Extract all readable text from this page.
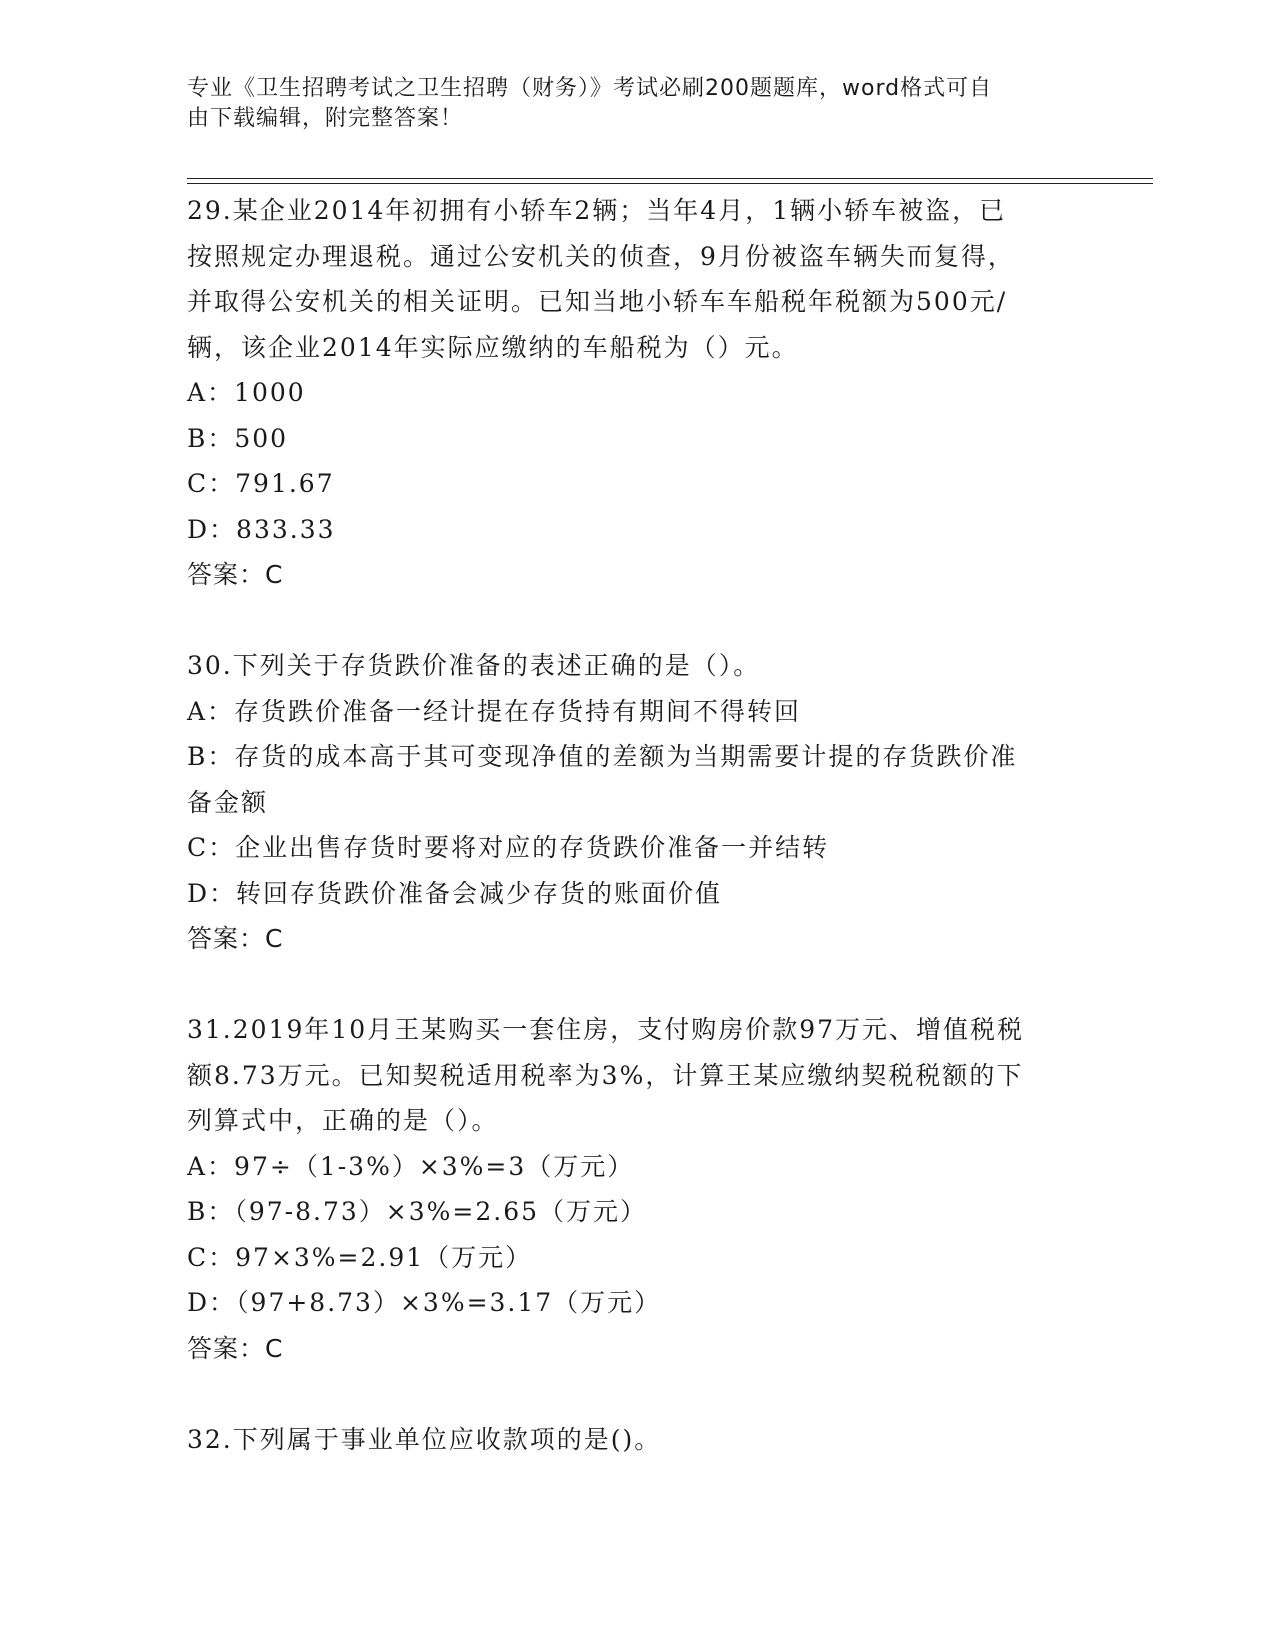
专业《卫生招聘考试之卫生招聘（财务）》考试必刷200题题库，word格式可自
由下载编辑，附完整答案！
29.某企业2014年初拥有小轿车2辆；当年4月，1辆小轿车被盗，已
按照规定办理退税。通过公安机关的侦查，9月份被盗车辆失而复得，
并取得公安机关的相关证明。已知当地小轿车车船税年税额为500元/
辆，该企业2014年实际应缴纳的车船税为（）元。
A：1000
B：500
C：791.67
D：833.33
答案：C
30.下列关于存货跌价准备的表述正确的是（）。
A：存货跌价准备一经计提在存货持有期间不得转回
B：存货的成本高于其可变现净值的差额为当期需要计提的存货跌价准
备金额
C：企业出售存货时要将对应的存货跌价准备一并结转
D：转回存货跌价准备会减少存货的账面价值
答案：C
31.2019年10月王某购买一套住房，支付购房价款97万元、增值税税
额8.73万元。已知契税适用税率为3%，计算王某应缴纳契税税额的下
列算式中，正确的是（）。
A：97÷（1-3%）×3%=3（万元）
B：（97-8.73）×3%=2.65（万元）
C：97×3%=2.91（万元）
D：（97+8.73）×3%=3.17（万元）
答案：C
32.下列属于事业单位应收款项的是()。
